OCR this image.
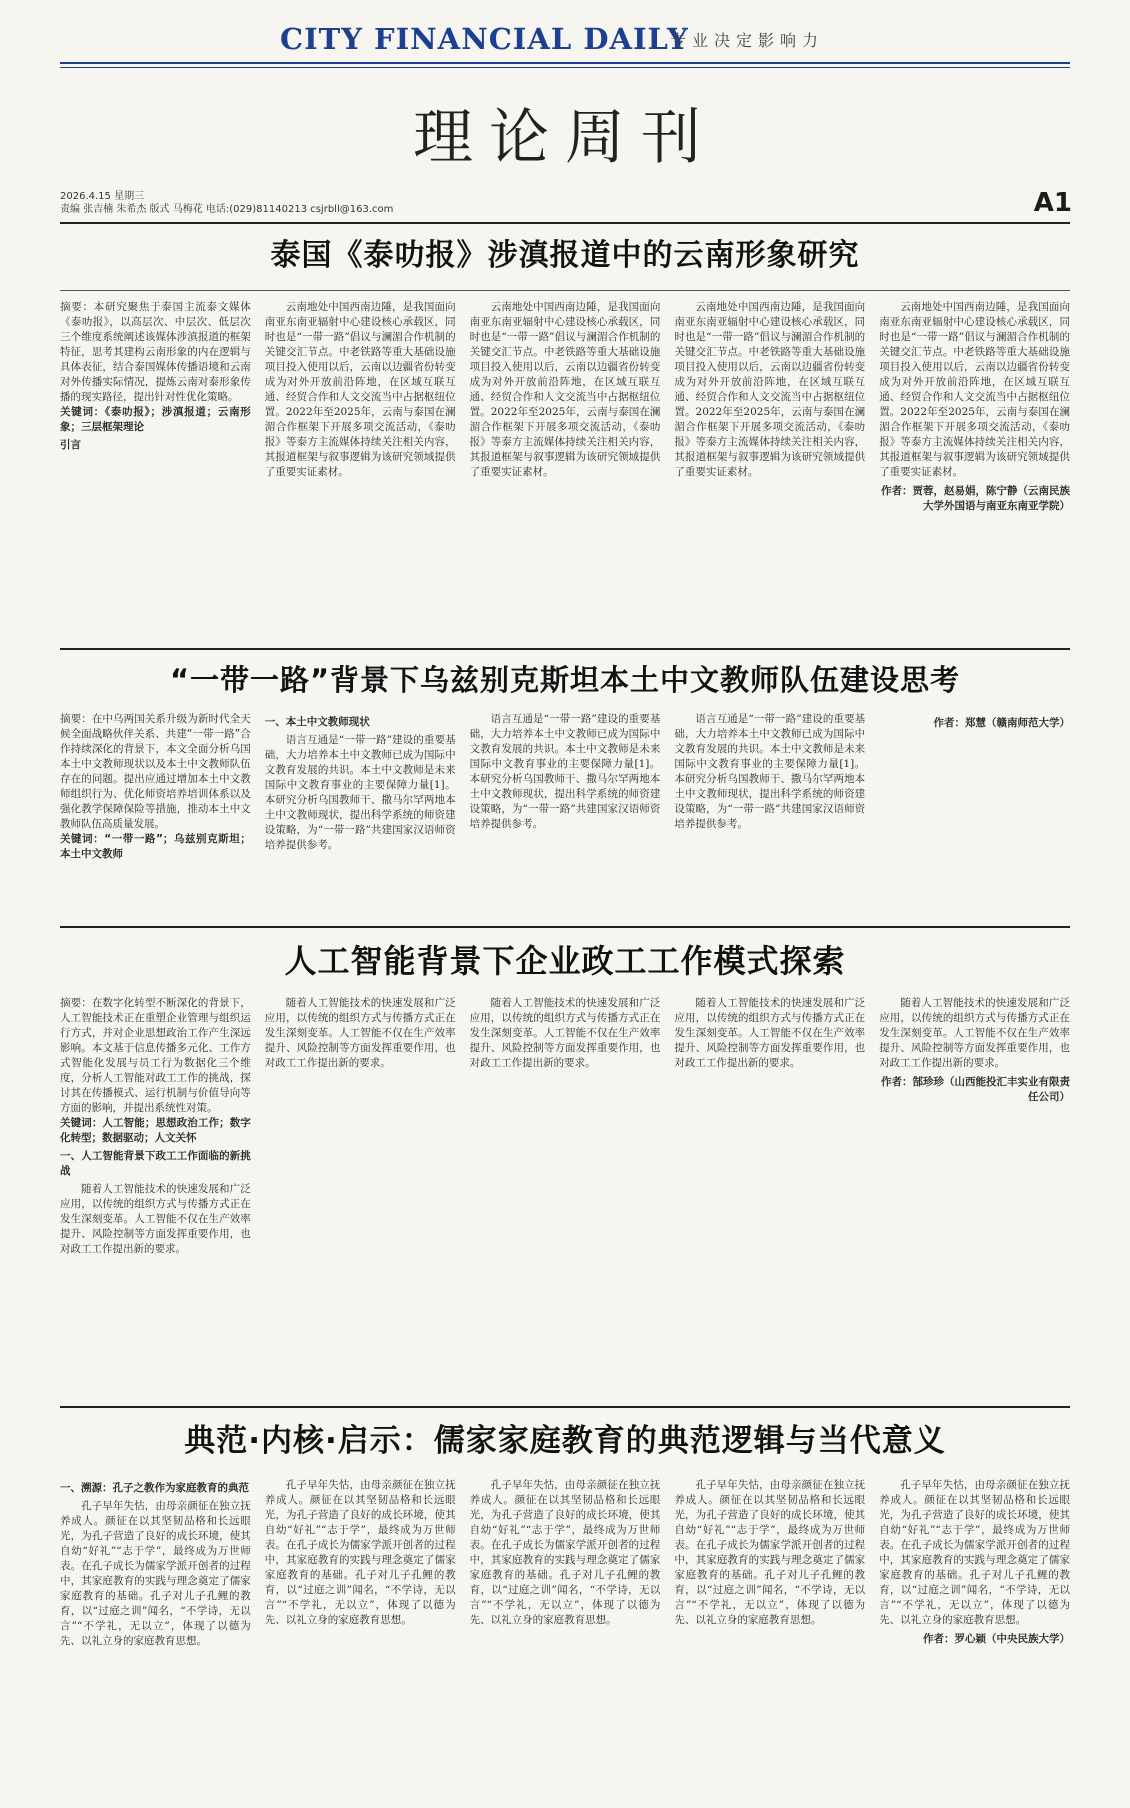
CITY FINANCIAL DAILY
专业决定影响力
理论周刊
2026.4.15 星期三
责编 张吉楠 朱希杰 版式 马梅花 电话:(029)81140213 csjrbll@163.com	A1
泰国《泰叻报》涉滇报道中的云南形象研究
摘要：本研究聚焦于泰国主流泰文媒体《泰叻报》，以高层次、中层次、低层次三个维度系统阐述该媒体涉滇报道的框架特征，思考其建构云南形象的内在逻辑与具体表征，结合泰国媒体传播语境和云南对外传播实际情况，提炼云南对泰形象传播的现实路径，提出针对性优化策略。
关键词：《泰叻报》；涉滇报道；云南形象；三层框架理论
引言

云南地处中国西南边陲，是我国面向南亚东南亚辐射中心建设核心承载区，同时也是“一带一路”倡议与澜湄合作机制的关键交汇节点。中老铁路等重大基础设施项目投入使用以后，云南以边疆省份转变成为对外开放前沿阵地，在区域互联互通、经贸合作和人文交流当中占据枢纽位置。2022年至2025年，云南与泰国在澜湄合作框架下开展多项交流活动，《泰叻报》等泰方主流媒体持续关注相关内容，其报道框架与叙事逻辑为该研究领域提供了重要实证素材。

云南地处中国西南边陲，是我国面向南亚东南亚辐射中心建设核心承载区，同时也是“一带一路”倡议与澜湄合作机制的关键交汇节点。中老铁路等重大基础设施项目投入使用以后，云南以边疆省份转变成为对外开放前沿阵地，在区域互联互通、经贸合作和人文交流当中占据枢纽位置。2022年至2025年，云南与泰国在澜湄合作框架下开展多项交流活动，《泰叻报》等泰方主流媒体持续关注相关内容，其报道框架与叙事逻辑为该研究领域提供了重要实证素材。

云南地处中国西南边陲，是我国面向南亚东南亚辐射中心建设核心承载区，同时也是“一带一路”倡议与澜湄合作机制的关键交汇节点。中老铁路等重大基础设施项目投入使用以后，云南以边疆省份转变成为对外开放前沿阵地，在区域互联互通、经贸合作和人文交流当中占据枢纽位置。2022年至2025年，云南与泰国在澜湄合作框架下开展多项交流活动，《泰叻报》等泰方主流媒体持续关注相关内容，其报道框架与叙事逻辑为该研究领域提供了重要实证素材。

云南地处中国西南边陲，是我国面向南亚东南亚辐射中心建设核心承载区，同时也是“一带一路”倡议与澜湄合作机制的关键交汇节点。中老铁路等重大基础设施项目投入使用以后，云南以边疆省份转变成为对外开放前沿阵地，在区域互联互通、经贸合作和人文交流当中占据枢纽位置。2022年至2025年，云南与泰国在澜湄合作框架下开展多项交流活动，《泰叻报》等泰方主流媒体持续关注相关内容，其报道框架与叙事逻辑为该研究领域提供了重要实证素材。

作者：贾蓉，赵易娟，陈宁静（云南民族大学外国语与南亚东南亚学院）
“一带一路”背景下乌兹别克斯坦本土中文教师队伍建设思考
摘要：在中乌两国关系升级为新时代全天候全面战略伙伴关系、共建“一带一路”合作持续深化的背景下，本文全面分析乌国本土中文教师现状以及本土中文教师队伍存在的问题。提出应通过增加本土中文教师组织行为、优化师资培养培训体系以及强化教学保障保险等措施，推动本土中文教师队伍高质量发展。
关键词：“一带一路”；乌兹别克斯坦；本土中文教师
一、本土中文教师现状

语言互通是“一带一路”建设的重要基础，大力培养本土中文教师已成为国际中文教育发展的共识。本土中文教师是未来国际中文教育事业的主要保障力量[1]。本研究分析乌国教师干、撒马尔罕两地本土中文教师现状，提出科学系统的师资建设策略，为“一带一路”共建国家汉语师资培养提供参考。

语言互通是“一带一路”建设的重要基础，大力培养本土中文教师已成为国际中文教育发展的共识。本土中文教师是未来国际中文教育事业的主要保障力量[1]。本研究分析乌国教师干、撒马尔罕两地本土中文教师现状，提出科学系统的师资建设策略，为“一带一路”共建国家汉语师资培养提供参考。

语言互通是“一带一路”建设的重要基础，大力培养本土中文教师已成为国际中文教育发展的共识。本土中文教师是未来国际中文教育事业的主要保障力量[1]。本研究分析乌国教师干、撒马尔罕两地本土中文教师现状，提出科学系统的师资建设策略，为“一带一路”共建国家汉语师资培养提供参考。

作者：郑慧（赣南师范大学）
人工智能背景下企业政工工作模式探索
摘要：在数字化转型不断深化的背景下，人工智能技术正在重塑企业管理与组织运行方式，并对企业思想政治工作产生深远影响。本文基于信息传播多元化、工作方式智能化发展与员工行为数据化三个维度，分析人工智能对政工工作的挑战，探讨其在传播模式、运行机制与价值导向等方面的影响，并提出系统性对策。
关键词：人工智能；思想政治工作；数字化转型；数据驱动；人文关怀
一、人工智能背景下政工工作面临的新挑战

随着人工智能技术的快速发展和广泛应用，以传统的组织方式与传播方式正在发生深刻变革。人工智能不仅在生产效率提升、风险控制等方面发挥重要作用，也对政工工作提出新的要求。

随着人工智能技术的快速发展和广泛应用，以传统的组织方式与传播方式正在发生深刻变革。人工智能不仅在生产效率提升、风险控制等方面发挥重要作用，也对政工工作提出新的要求。

随着人工智能技术的快速发展和广泛应用，以传统的组织方式与传播方式正在发生深刻变革。人工智能不仅在生产效率提升、风险控制等方面发挥重要作用，也对政工工作提出新的要求。

随着人工智能技术的快速发展和广泛应用，以传统的组织方式与传播方式正在发生深刻变革。人工智能不仅在生产效率提升、风险控制等方面发挥重要作用，也对政工工作提出新的要求。

随着人工智能技术的快速发展和广泛应用，以传统的组织方式与传播方式正在发生深刻变革。人工智能不仅在生产效率提升、风险控制等方面发挥重要作用，也对政工工作提出新的要求。

作者：郜珍珍（山西能投汇丰实业有限责任公司）
典范·内核·启示：儒家家庭教育的典范逻辑与当代意义
一、溯源：孔子之教作为家庭教育的典范

孔子早年失怙，由母亲颜征在独立抚养成人。颜征在以其坚韧品格和长远眼光，为孔子营造了良好的成长环境，使其自幼“好礼”“志于学”，最终成为万世师表。在孔子成长为儒家学派开创者的过程中，其家庭教育的实践与理念奠定了儒家家庭教育的基础。孔子对儿子孔鲤的教育，以“过庭之训”闻名，“不学诗，无以言”“不学礼，无以立”，体现了以德为先、以礼立身的家庭教育思想。

孔子早年失怙，由母亲颜征在独立抚养成人。颜征在以其坚韧品格和长远眼光，为孔子营造了良好的成长环境，使其自幼“好礼”“志于学”，最终成为万世师表。在孔子成长为儒家学派开创者的过程中，其家庭教育的实践与理念奠定了儒家家庭教育的基础。孔子对儿子孔鲤的教育，以“过庭之训”闻名，“不学诗，无以言”“不学礼，无以立”，体现了以德为先、以礼立身的家庭教育思想。

孔子早年失怙，由母亲颜征在独立抚养成人。颜征在以其坚韧品格和长远眼光，为孔子营造了良好的成长环境，使其自幼“好礼”“志于学”，最终成为万世师表。在孔子成长为儒家学派开创者的过程中，其家庭教育的实践与理念奠定了儒家家庭教育的基础。孔子对儿子孔鲤的教育，以“过庭之训”闻名，“不学诗，无以言”“不学礼，无以立”，体现了以德为先、以礼立身的家庭教育思想。

孔子早年失怙，由母亲颜征在独立抚养成人。颜征在以其坚韧品格和长远眼光，为孔子营造了良好的成长环境，使其自幼“好礼”“志于学”，最终成为万世师表。在孔子成长为儒家学派开创者的过程中，其家庭教育的实践与理念奠定了儒家家庭教育的基础。孔子对儿子孔鲤的教育，以“过庭之训”闻名，“不学诗，无以言”“不学礼，无以立”，体现了以德为先、以礼立身的家庭教育思想。

孔子早年失怙，由母亲颜征在独立抚养成人。颜征在以其坚韧品格和长远眼光，为孔子营造了良好的成长环境，使其自幼“好礼”“志于学”，最终成为万世师表。在孔子成长为儒家学派开创者的过程中，其家庭教育的实践与理念奠定了儒家家庭教育的基础。孔子对儿子孔鲤的教育，以“过庭之训”闻名，“不学诗，无以言”“不学礼，无以立”，体现了以德为先、以礼立身的家庭教育思想。

作者：罗心颖（中央民族大学）
